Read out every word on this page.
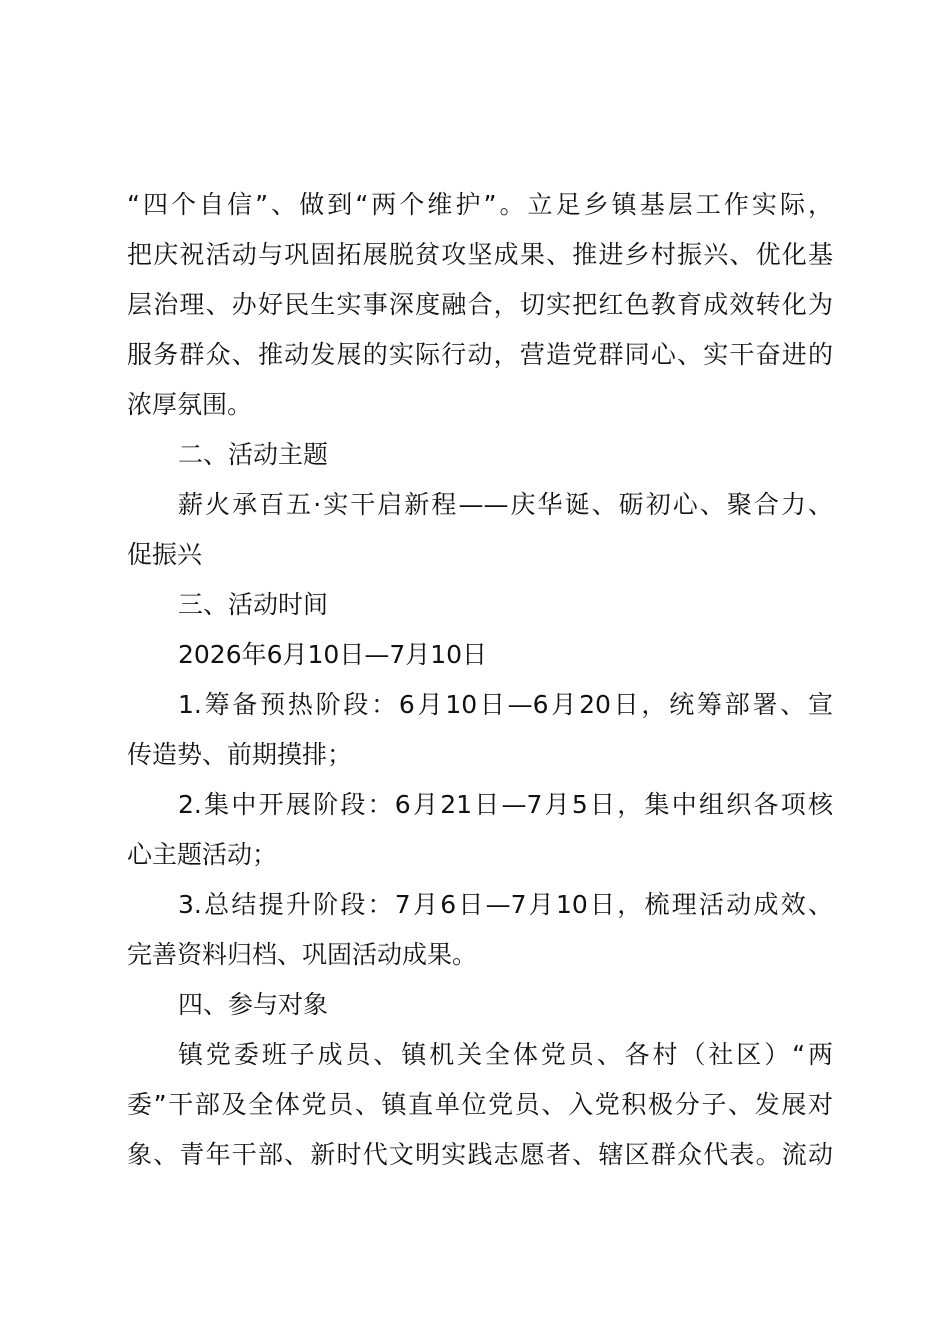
“四个自信”、做到“两个维护”。立足乡镇基层工作实际，
把庆祝活动与巩固拓展脱贫攻坚成果、推进乡村振兴、优化基
层治理、办好民生实事深度融合，切实把红色教育成效转化为
服务群众、推动发展的实际行动，营造党群同心、实干奋进的
浓厚氛围。
二、活动主题
薪火承百五·实干启新程——庆华诞、砺初心、聚合力、
促振兴
三、活动时间
2026年6月10日—7月10日
1.筹备预热阶段：6月10日—6月20日，统筹部署、宣
传造势、前期摸排；
2.集中开展阶段：6月21日—7月5日，集中组织各项核
心主题活动；
3.总结提升阶段：7月6日—7月10日，梳理活动成效、
完善资料归档、巩固活动成果。
四、参与对象
镇党委班子成员、镇机关全体党员、各村（社区）“两
委”干部及全体党员、镇直单位党员、入党积极分子、发展对
象、青年干部、新时代文明实践志愿者、辖区群众代表。流动
